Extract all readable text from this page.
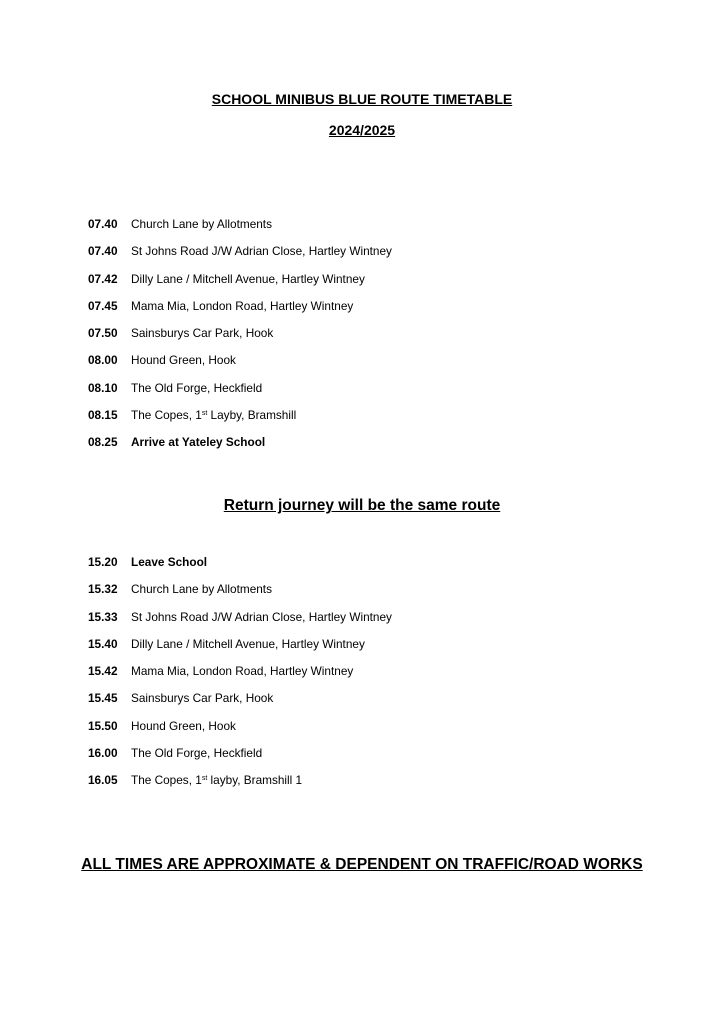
SCHOOL MINIBUS BLUE ROUTE TIMETABLE
2024/2025
07.40	Church Lane by Allotments
07.40	St Johns Road J/W Adrian Close, Hartley Wintney
07.42	Dilly Lane / Mitchell Avenue, Hartley Wintney
07.45	Mama Mia, London Road, Hartley Wintney
07.50	Sainsburys Car Park, Hook
08.00	Hound Green, Hook
08.10	The Old Forge, Heckfield
08.15	The Copes, 1st Layby, Bramshill
08.25	Arrive at Yateley School
Return journey will be the same route
15.20	Leave School
15.32	Church Lane by Allotments
15.33	St Johns Road J/W Adrian Close, Hartley Wintney
15.40	Dilly Lane / Mitchell Avenue, Hartley Wintney
15.42	Mama Mia, London Road, Hartley Wintney
15.45	Sainsburys Car Park, Hook
15.50	Hound Green, Hook
16.00	The Old Forge, Heckfield
16.05	The Copes, 1st layby, Bramshill 1
ALL TIMES ARE APPROXIMATE & DEPENDENT ON TRAFFIC/ROAD WORKS
